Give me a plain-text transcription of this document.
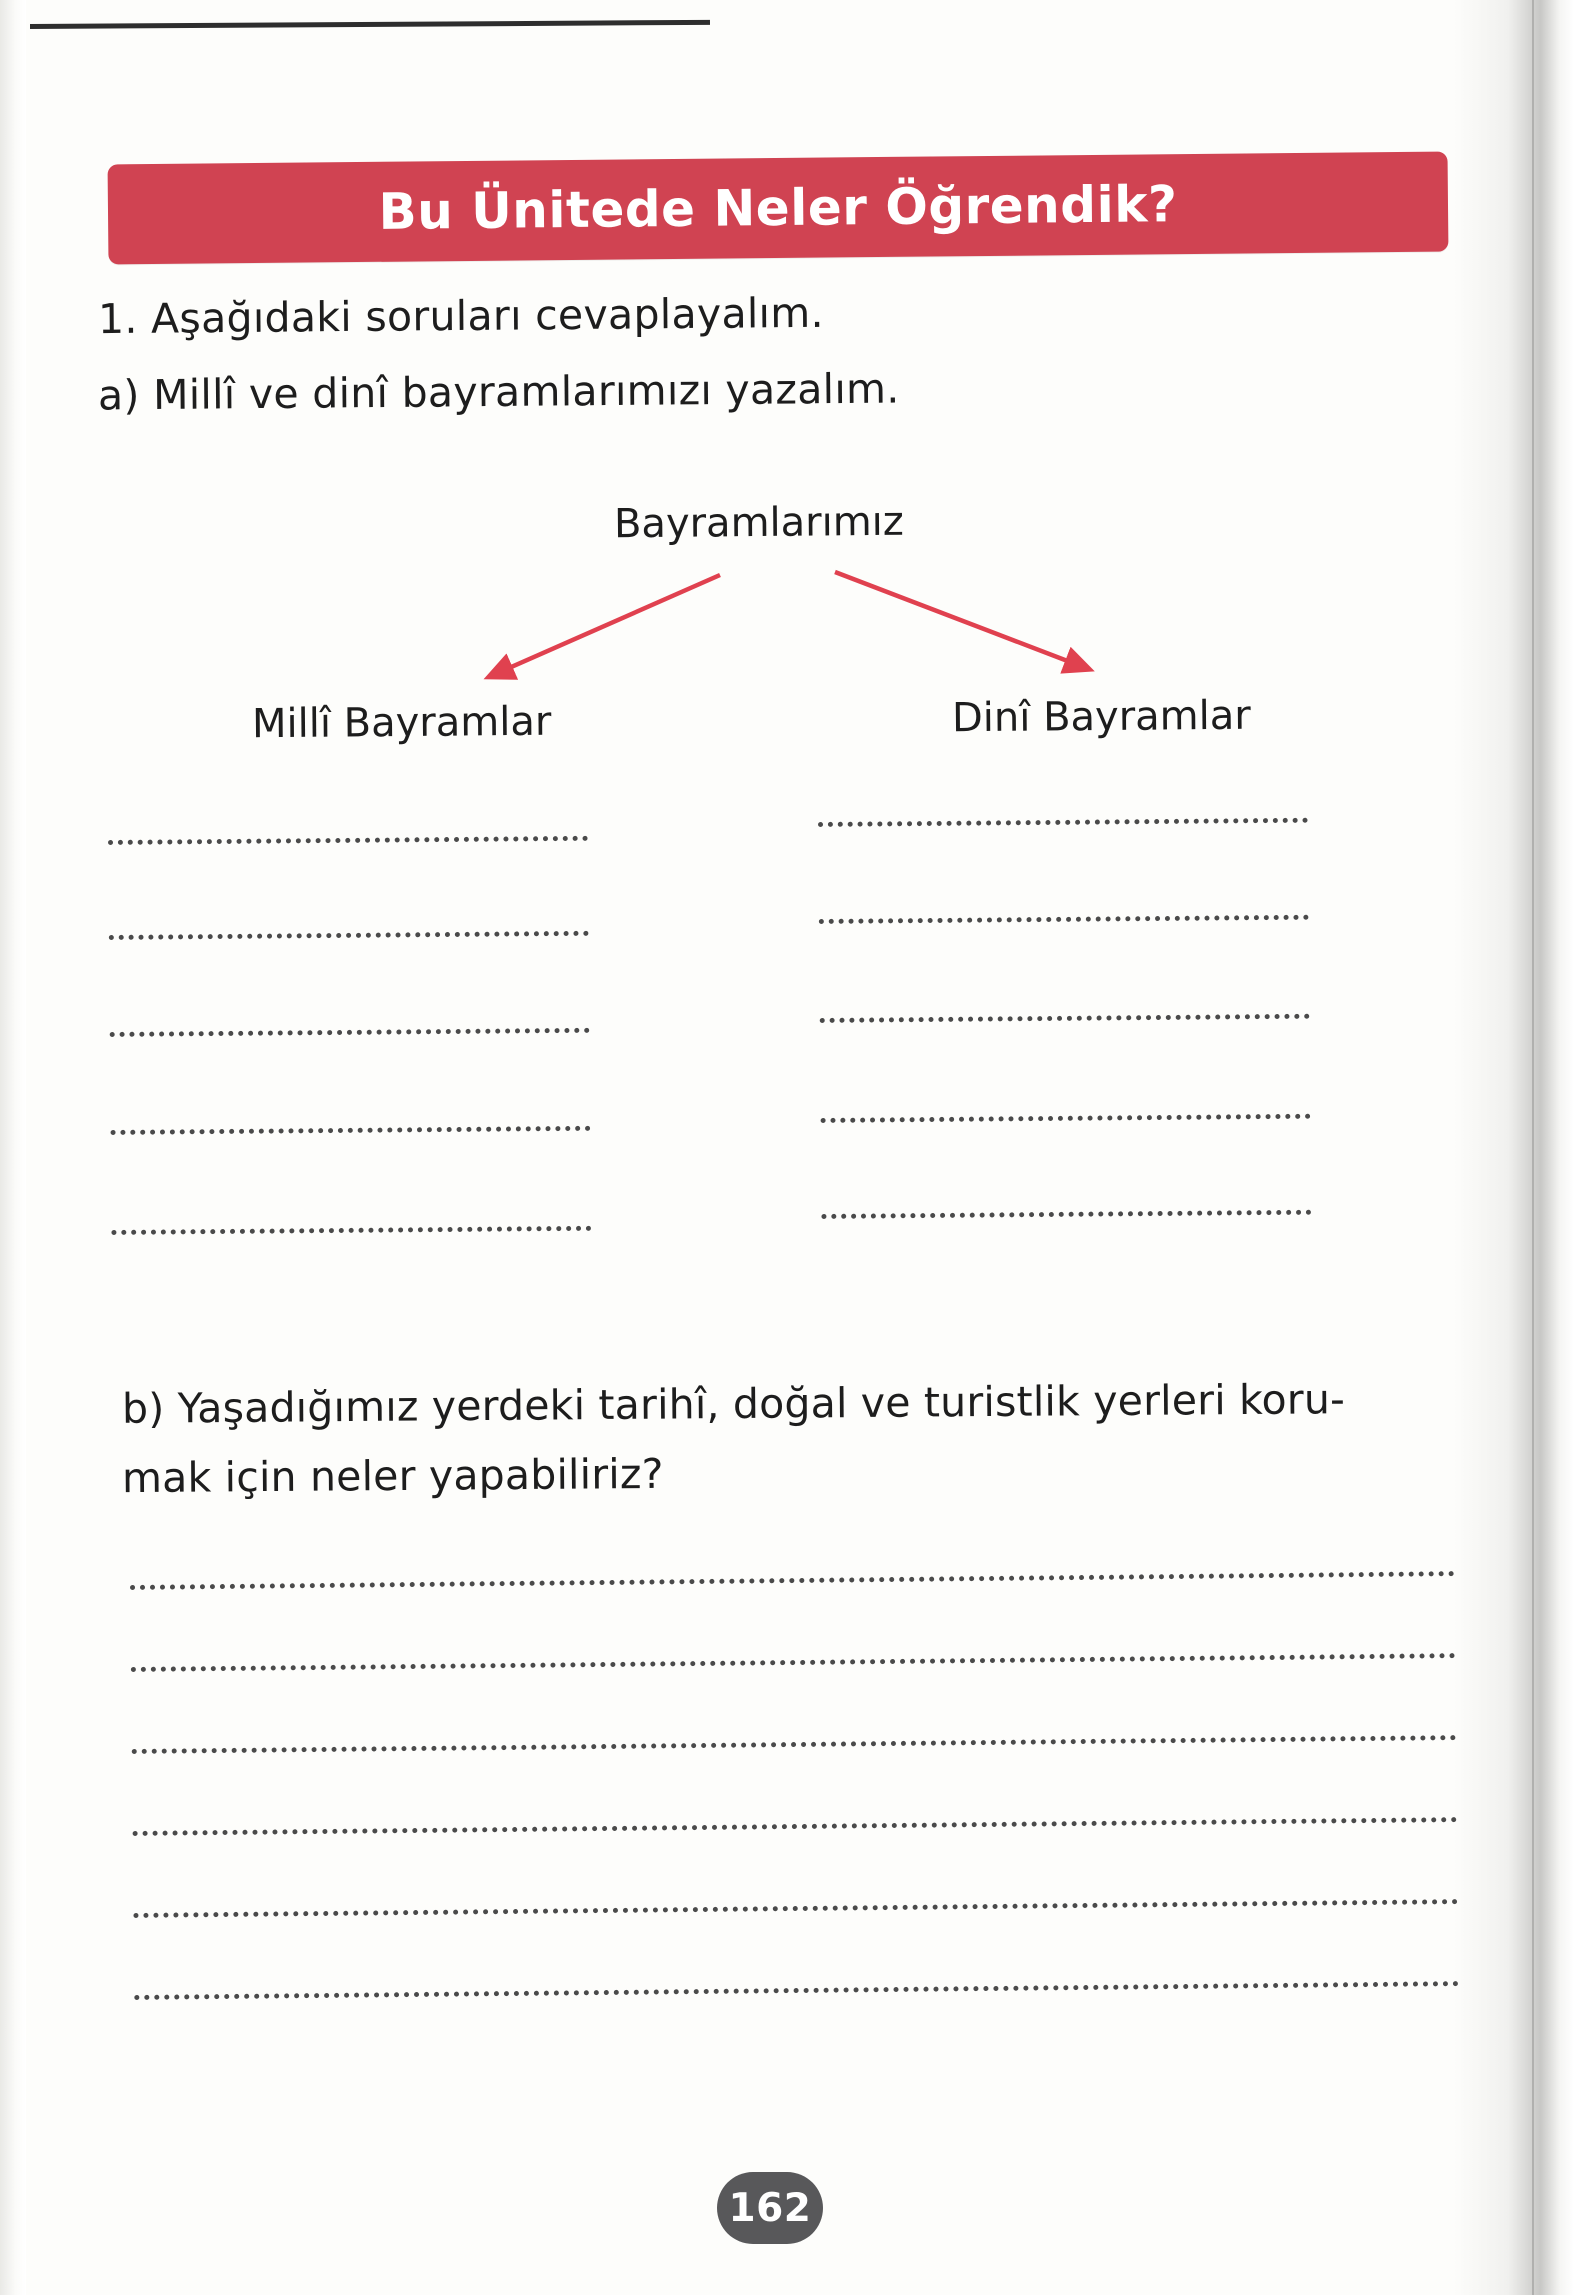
Bu Ünitede Neler Öğrendik?
1. Aşağıdaki soruları cevaplayalım.
a) Millî ve dinî bayramlarımızı yazalım.
Bayramlarımız
Millî Bayramlar	Dinî Bayramlar
b) Yaşadığımız yerdeki tarihî, doğal ve turistlik yerleri koru-
mak için neler yapabiliriz?
162
